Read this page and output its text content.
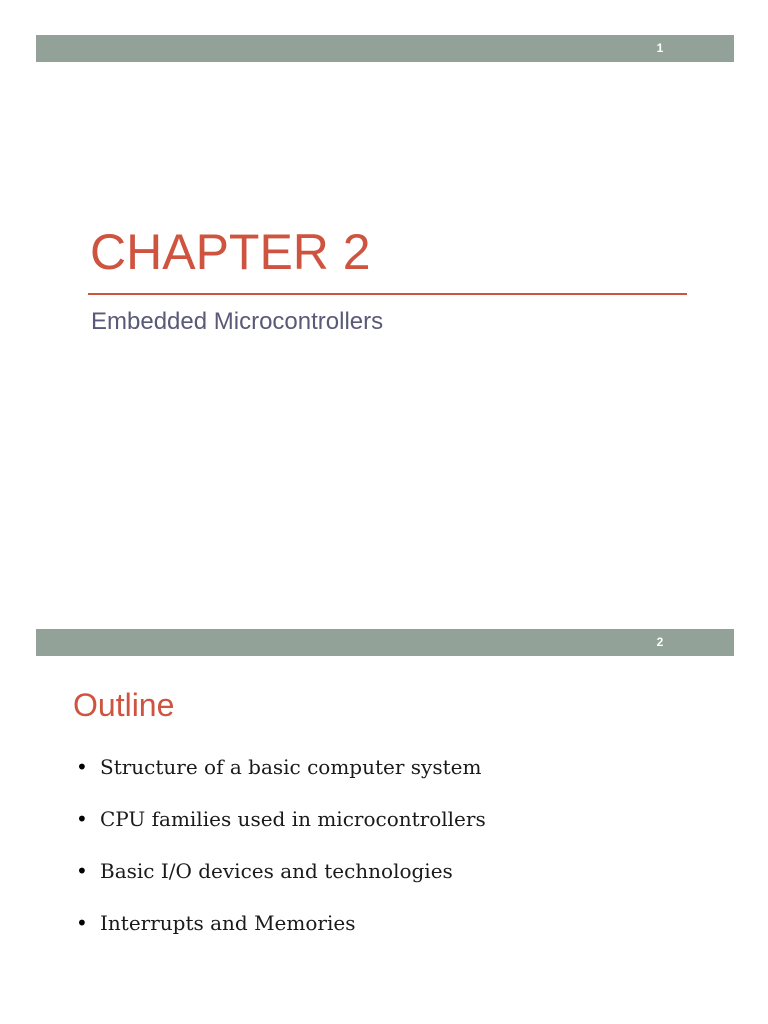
1
CHAPTER 2
Embedded Microcontrollers
2
Outline
• Structure of a basic computer system
• CPU families used in microcontrollers
• Basic I/O devices and technologies
• Interrupts and Memories
